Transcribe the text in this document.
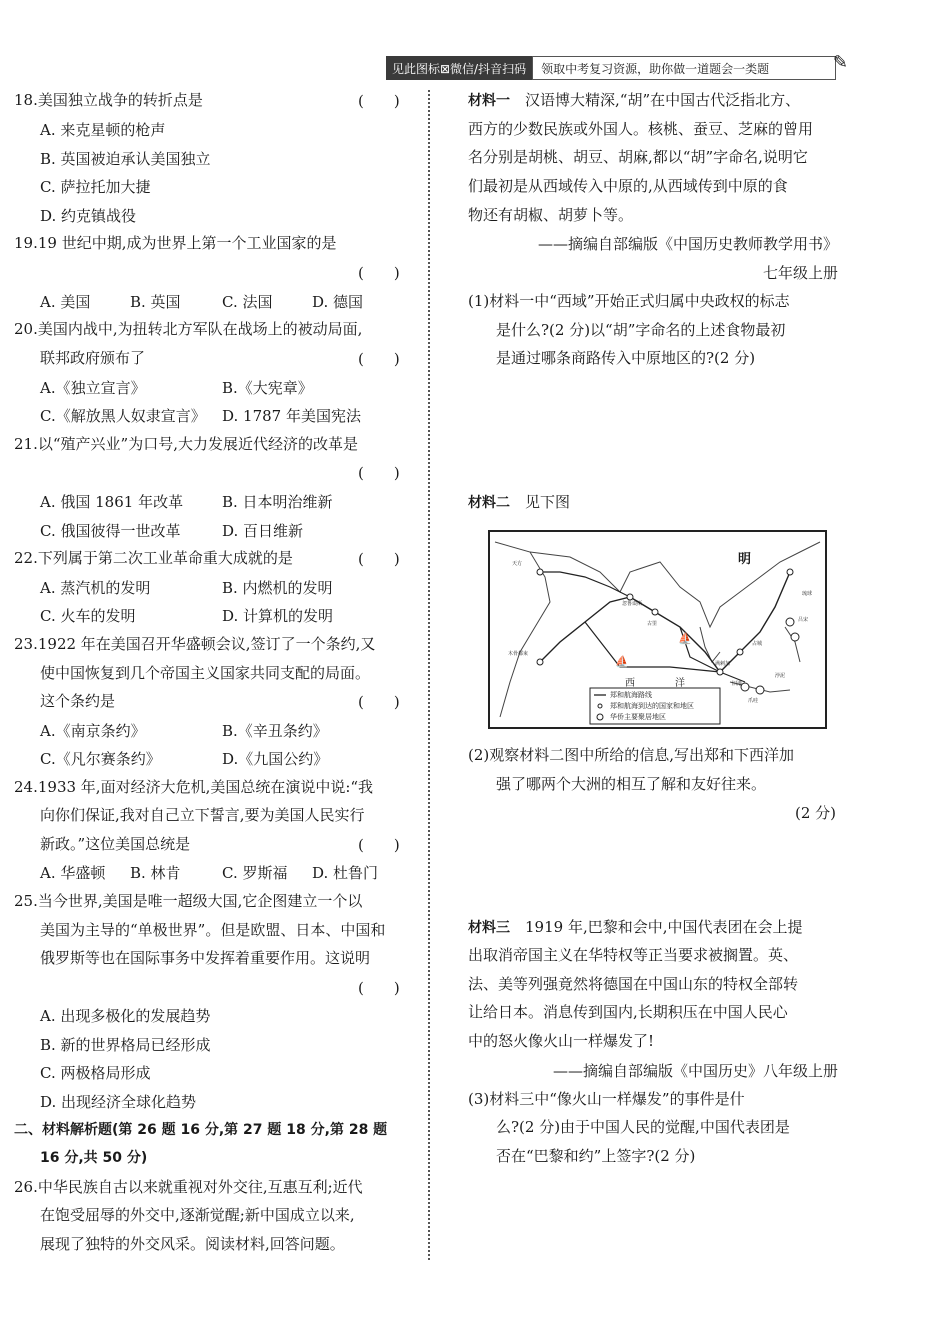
见此图标⊠微信/抖音扫码	领取中考复习资源，助你做一道题会一类题	✎
18.美国独立战争的转折点是	(　　)
A. 来克星顿的枪声
B. 英国被迫承认美国独立
C. 萨拉托加大捷
D. 约克镇战役
19.19 世纪中期,成为世界上第一个工业国家的是
(　　)
A. 美国	B. 英国	C. 法国	D. 德国
20.美国内战中,为扭转北方军队在战场上的被动局面,
联邦政府颁布了	(　　)
A.《独立宣言》	B.《大宪章》
C.《解放黑人奴隶宣言》 D. 1787 年美国宪法
21.以“殖产兴业”为口号,大力发展近代经济的改革是
(　　)
A. 俄国 1861 年改革	B. 日本明治维新
C. 俄国彼得一世改革	D. 百日维新
22.下列属于第二次工业革命重大成就的是	(　　)
A. 蒸汽机的发明	B. 内燃机的发明
C. 火车的发明	D. 计算机的发明
23.1922 年在美国召开华盛顿会议,签订了一个条约,又
使中国恢复到几个帝国主义国家共同支配的局面。
这个条约是	(　　)
A.《南京条约》	B.《辛丑条约》
C.《凡尔赛条约》	D.《九国公约》
24.1933 年,面对经济大危机,美国总统在演说中说:“我
向你们保证,我对自己立下誓言,要为美国人民实行
新政。”这位美国总统是	(　　)
A. 华盛顿 B. 林肯	C. 罗斯福 D. 杜鲁门
25.当今世界,美国是唯一超级大国,它企图建立一个以
美国为主导的“单极世界”。但是欧盟、日本、中国和
俄罗斯等也在国际事务中发挥着重要作用。这说明
(　　)
A. 出现多极化的发展趋势
B. 新的世界格局已经形成
C. 两极格局形成
D. 出现经济全球化趋势
二、材料解析题(第 26 题 16 分,第 27 题 18 分,第 28 题
16 分,共 50 分)
26.中华民族自古以来就重视对外交往,互惠互利;近代
在饱受屈辱的外交中,逐渐觉醒;新中国成立以来,
展现了独特的外交风采。阅读材料,回答问题。
材料一　 汉语博大精深,“胡”在中国古代泛指北方、
西方的少数民族或外国人。核桃、蚕豆、芝麻的曾用
名分别是胡桃、胡豆、胡麻,都以“胡”字命名,说明它
们最初是从西域传入中原的,从西域传到中原的食
物还有胡椒、胡萝卜等。
——摘编自部编版《中国历史教师教学用书》
七年级上册
(1)材料一中“西域”开始正式归属中央政权的标志
是什么?(2 分)以“胡”字命名的上述食物最初
是通过哪条商路传入中原地区的?(2 分)
材料二　 见下图
⛵
⛵
明
西	洋
天方
忽鲁谟斯
木骨都束
古里
满剌加
旧港
爪哇
占城
吕宋
浡泥
琉球
郑和航海路线
郑和航海到达的国家和地区
华侨主要聚居地区
(2)观察材料二图中所给的信息,写出郑和下西洋加
强了哪两个大洲的相互了解和友好往来。
(2 分)
材料三　 1919 年,巴黎和会中,中国代表团在会上提
出取消帝国主义在华特权等正当要求被搁置。英、
法、美等列强竟然将德国在中国山东的特权全部转
让给日本。消息传到国内,长期积压在中国人民心
中的怒火像火山一样爆发了!
——摘编自部编版《中国历史》八年级上册
(3)材料三中“像火山一样爆发”的事件是什
么?(2 分)由于中国人民的觉醒,中国代表团是
否在“巴黎和约”上签字?(2 分)
